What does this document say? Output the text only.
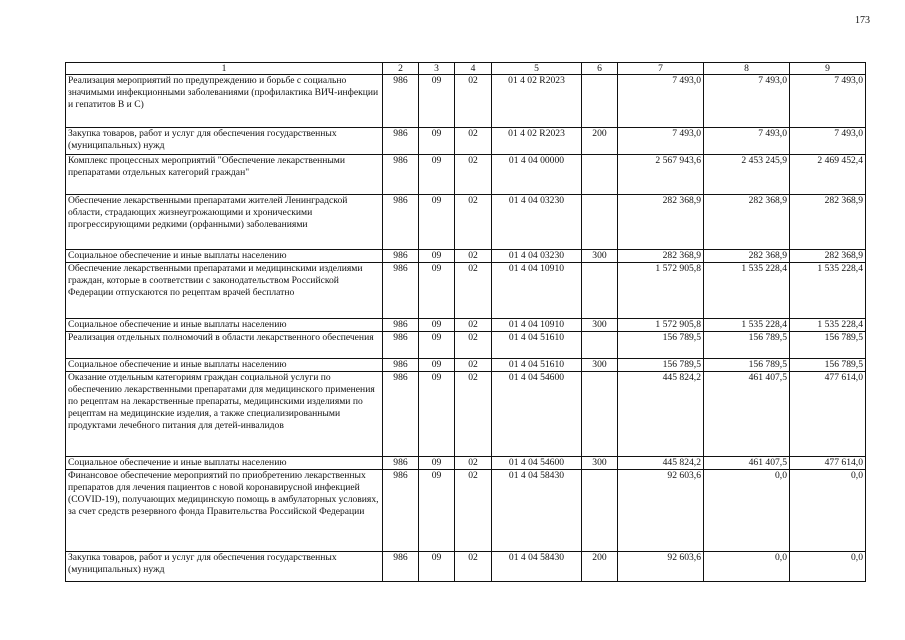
173
1	2	3	4	5	6	7	8	9
Реализация мероприятий по предупреждению и борьбе с социально значимыми инфекционными заболеваниями (профилактика ВИЧ-инфекции и гепатитов В и С)	986	09	02	01 4 02 R2023		7 493,0	7 493,0	7 493,0
Закупка товаров, работ и услуг для обеспечения государственных (муниципальных) нужд	986	09	02	01 4 02 R2023	200	7 493,0	7 493,0	7 493,0
Комплекс процессных мероприятий "Обеспечение лекарственными препаратами отдельных категорий граждан"	986	09	02	01 4 04 00000		2 567 943,6	2 453 245,9	2 469 452,4
Обеспечение лекарственными препаратами жителей Ленинградской области, страдающих жизнеугрожающими и хроническими прогрессирующими редкими (орфанными) заболеваниями	986	09	02	01 4 04 03230		282 368,9	282 368,9	282 368,9
Социальное обеспечение и иные выплаты населению	986	09	02	01 4 04 03230	300	282 368,9	282 368,9	282 368,9
Обеспечение лекарственными препаратами и медицинскими изделиями граждан, которые в соответствии с законодательством Российской Федерации отпускаются по рецептам врачей бесплатно	986	09	02	01 4 04 10910		1 572 905,8	1 535 228,4	1 535 228,4
Социальное обеспечение и иные выплаты населению	986	09	02	01 4 04 10910	300	1 572 905,8	1 535 228,4	1 535 228,4
Реализация отдельных полномочий в области лекарственного обеспечения	986	09	02	01 4 04 51610		156 789,5	156 789,5	156 789,5
Социальное обеспечение и иные выплаты населению	986	09	02	01 4 04 51610	300	156 789,5	156 789,5	156 789,5
Оказание отдельным категориям граждан социальной услуги по обеспечению лекарственными препаратами для медицинского применения по рецептам на лекарственные препараты, медицинскими изделиями по рецептам на медицинские изделия, а также специализированными продуктами лечебного питания для детей-инвалидов	986	09	02	01 4 04 54600		445 824,2	461 407,5	477 614,0
Социальное обеспечение и иные выплаты населению	986	09	02	01 4 04 54600	300	445 824,2	461 407,5	477 614,0
Финансовое обеспечение мероприятий по приобретению лекарственных препаратов для лечения пациентов с новой коронавирусной инфекцией (COVID-19), получающих медицинскую помощь в амбулаторных условиях, за счет средств резервного фонда Правительства Российской Федерации	986	09	02	01 4 04 58430		92 603,6	0,0	0,0
Закупка товаров, работ и услуг для обеспечения государственных (муниципальных) нужд	986	09	02	01 4 04 58430	200	92 603,6	0,0	0,0
